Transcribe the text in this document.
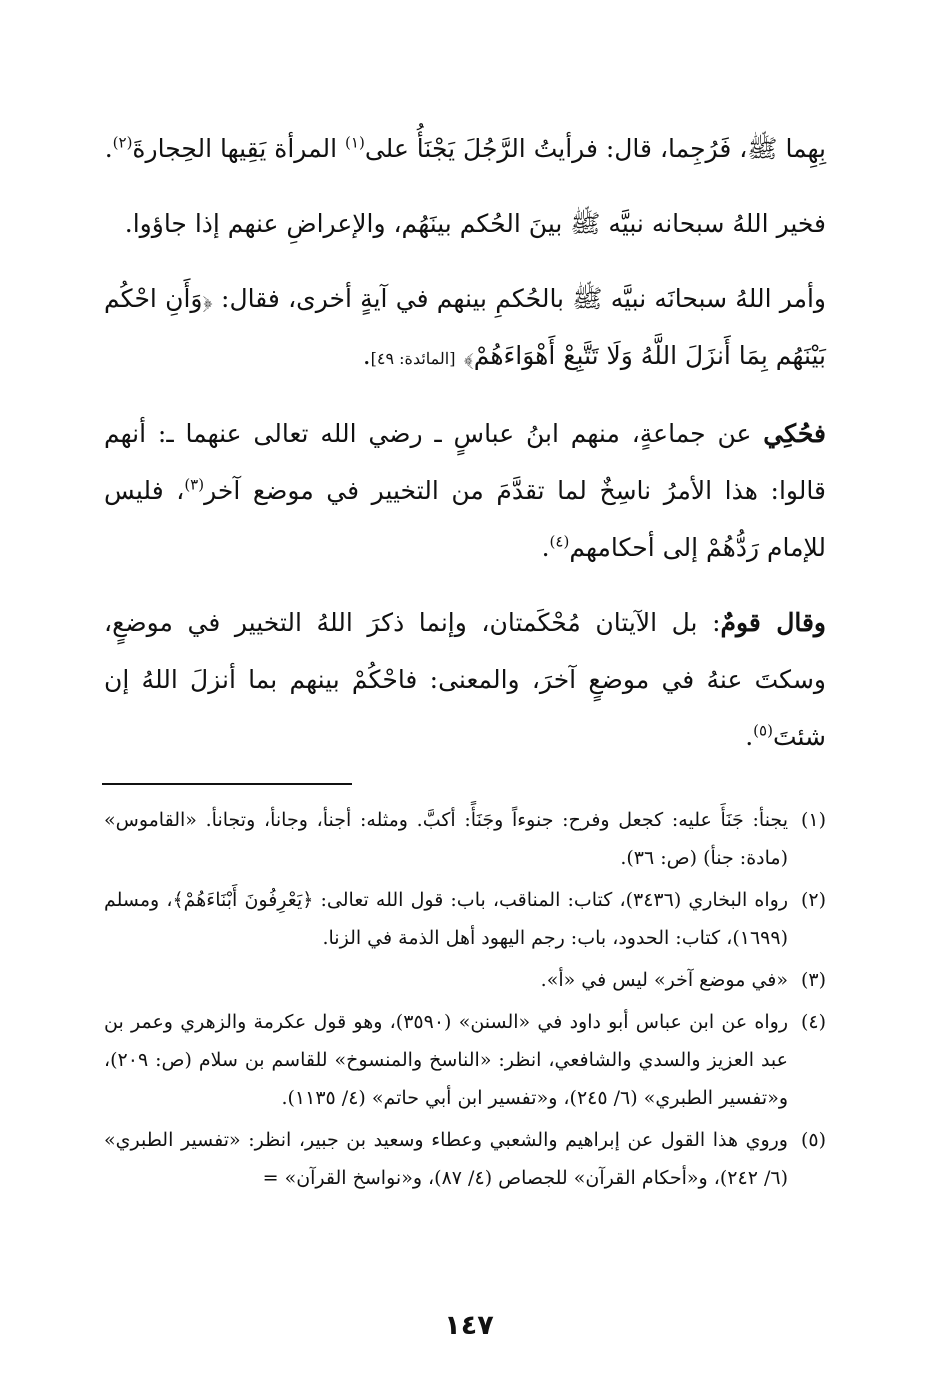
بِهِما ﷺ، فَرُجِما، قال: فرأيتُ الرَّجُلَ يَجْنَأُ على$^{(١)}$ المرأة يَقِيها الحِجارةَ$^{(٢)}$.

فخير اللهُ سبحانه نبيَّه ﷺ بينَ الحُكم بينَهُم، والإعراضِ عنهم إذا جاؤوا.

وأمر اللهُ سبحانَه نبيَّه ﷺ بالحُكمِ بينهم في آيةٍ أخرى، فقال: ﴿وَأَنِ احْكُم بَيْنَهُم بِمَا أَنزَلَ اللَّهُ وَلَا تَتَّبِعْ أَهْوَاءَهُمْ﴾ [المائدة: ٤٩].

فحُكِي عن جماعةٍ، منهم ابنُ عباسٍ ـ رضي الله تعالى عنهما ـ: أنهم قالوا: هذا الأمرُ ناسِخٌ لما تقدَّمَ من التخيير في موضع آخر$^{(٣)}$، فليس للإمام رَدُّهُمْ إلى أحكامهم$^{(٤)}$.

وقال قومٌ: بل الآيتان مُحْكَمتان، وإنما ذكرَ اللهُ التخيير في موضعٍ، وسكتَ عنهُ في موضعٍ آخرَ، والمعنى: فاحْكُمْ بينهم بما أنزلَ اللهُ إن شئتَ$^{(٥)}$.

(١)
يجنأ: جَنَأَ عليه: كجعل وفرح: جنوءاً وجَنَأً: أكبَّ. ومثله: أجنأ، وجانأ، وتجانأ. «القاموس» (مادة: جنأ) (ص: ٣٦).
(٢)
رواه البخاري (٣٤٣٦)، كتاب: المناقب، باب: قول الله تعالى: ﴿يَعْرِفُونَ أَبْنَاءَهُمْ﴾، ومسلم (١٦٩٩)، كتاب: الحدود، باب: رجم اليهود أهل الذمة في الزنا.
(٣)
«في موضع آخر» ليس في «أ».
(٤)
رواه عن ابن عباس أبو داود في «السنن» (٣٥٩٠)، وهو قول عكرمة والزهري وعمر بن عبد العزيز والسدي والشافعي، انظر: «الناسخ والمنسوخ» للقاسم بن سلام (ص: ٢٠٩)، و«تفسير الطبري» (٦/ ٢٤٥)، و«تفسير ابن أبي حاتم» (٤/ ١١٣٥).
(٥)
وروي هذا القول عن إبراهيم والشعبي وعطاء وسعيد بن جبير، انظر: «تفسير الطبري» (٦/ ٢٤٢)، و«أحكام القرآن» للجصاص (٤/ ٨٧)، و«نواسخ القرآن» =
١٤٧
